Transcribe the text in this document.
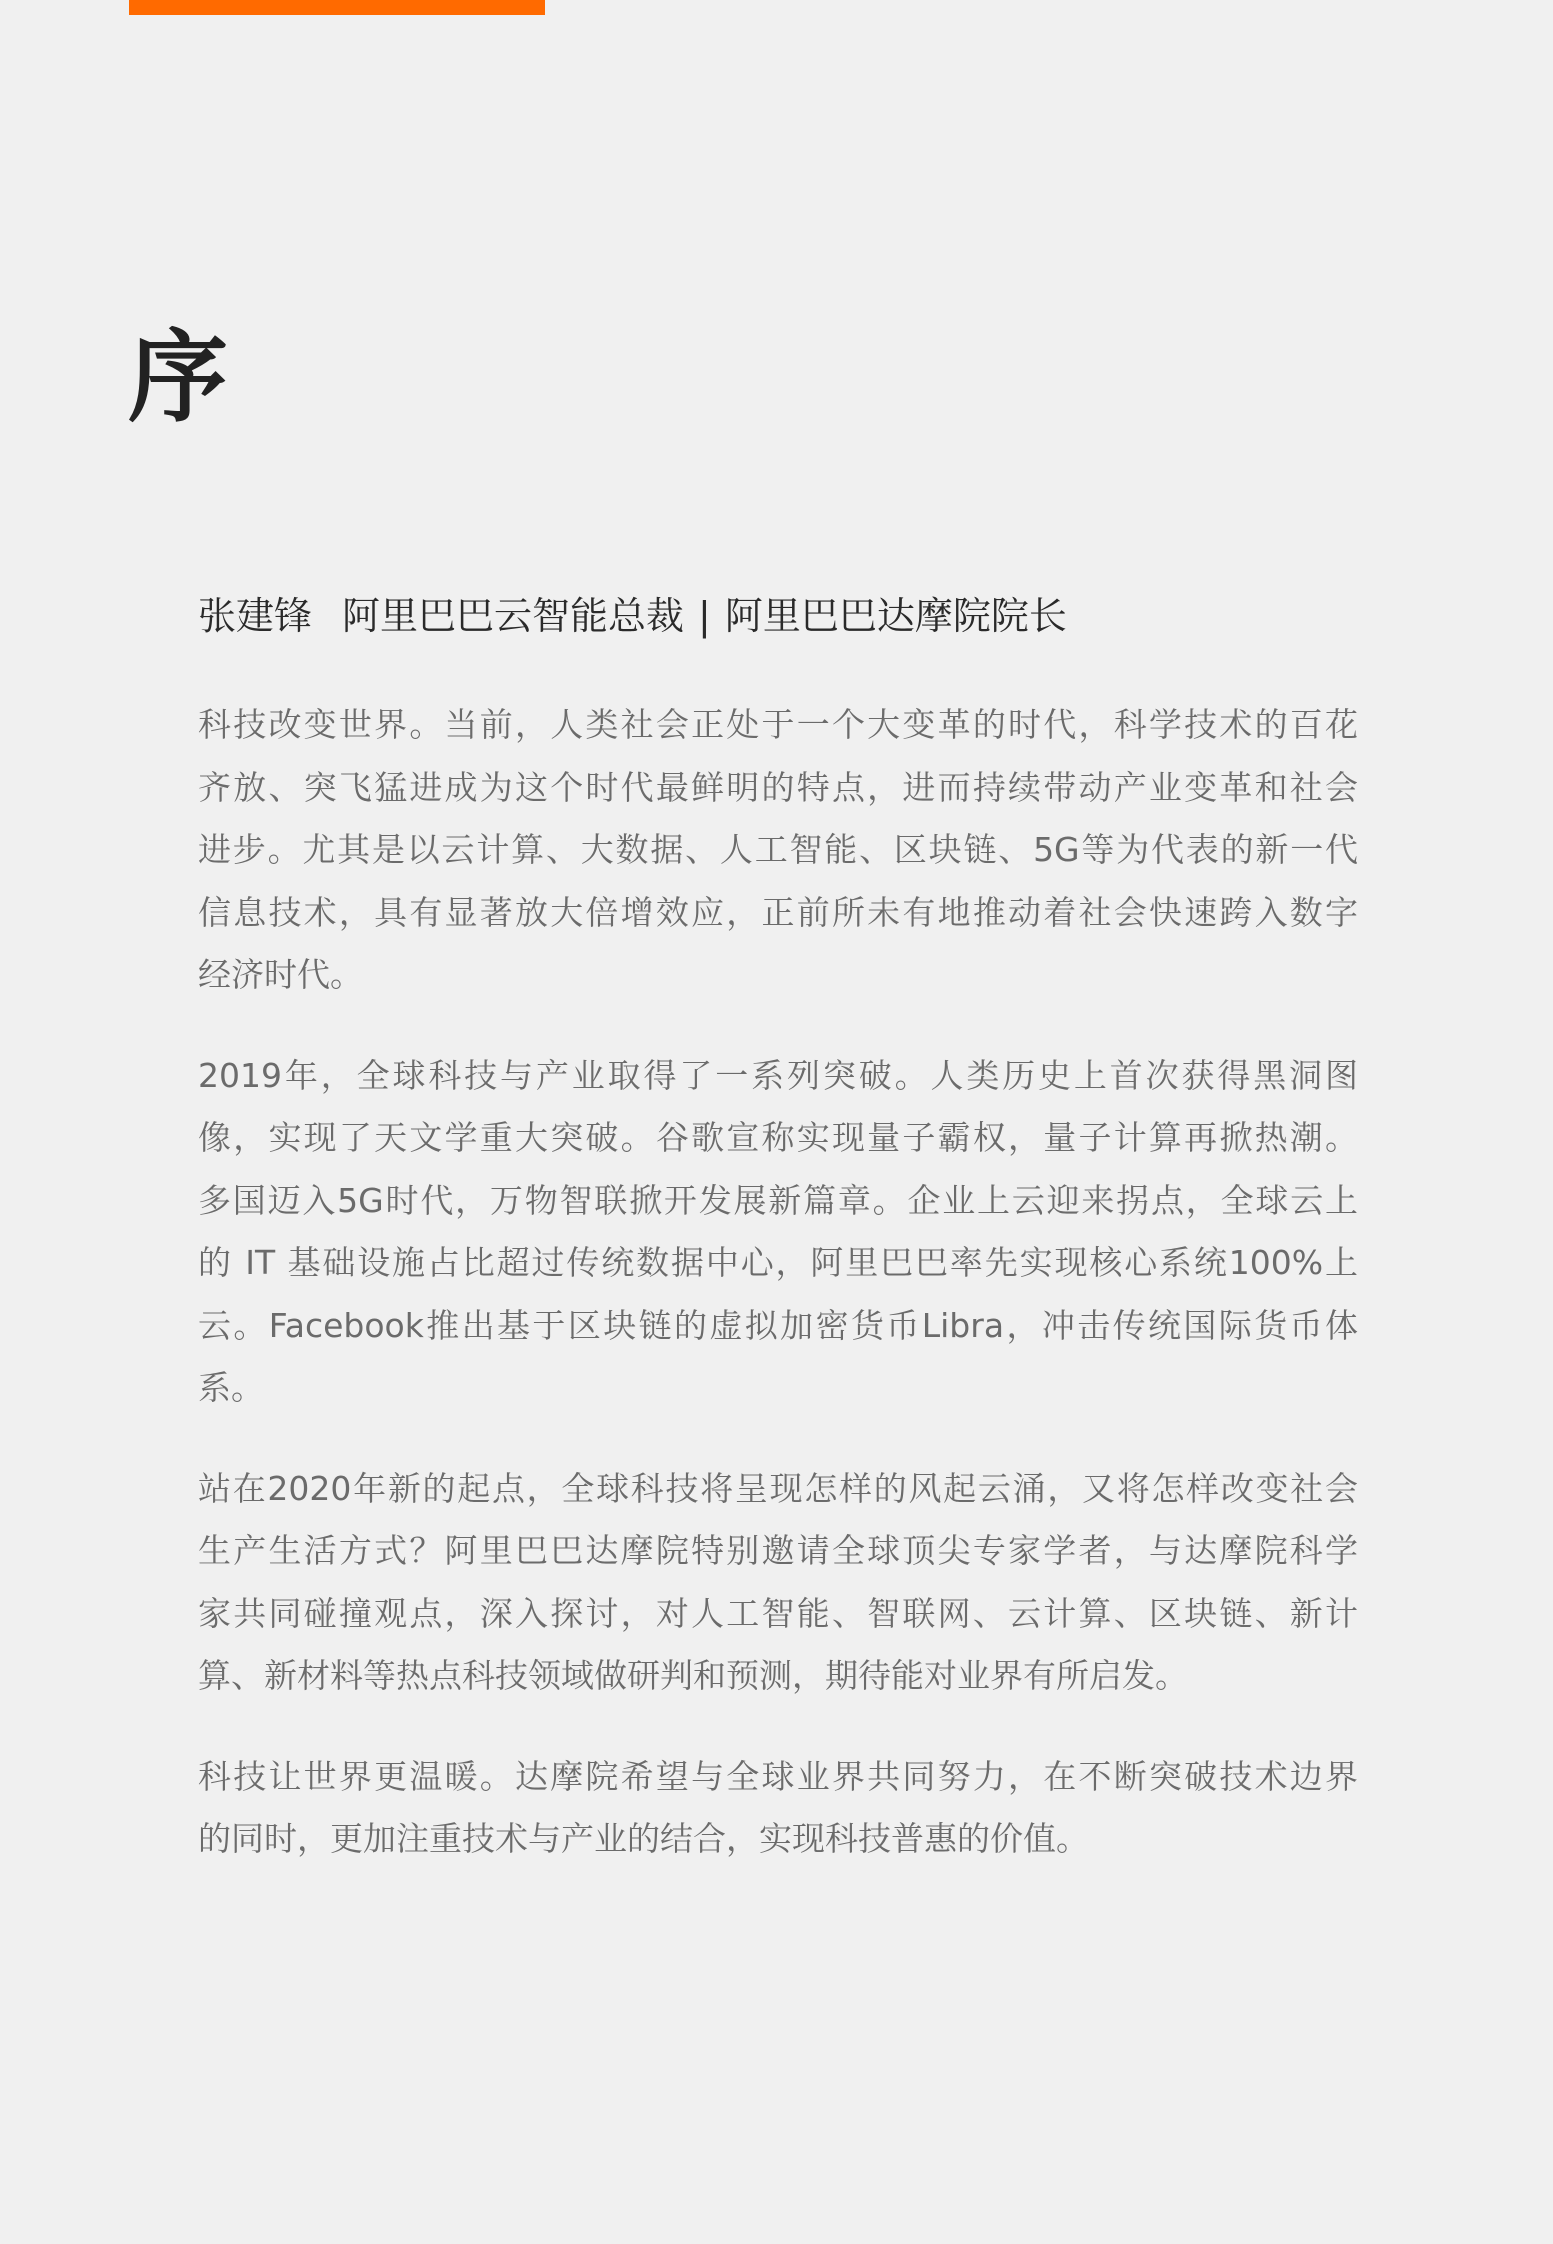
序

张建锋 阿里巴巴云智能总裁 | 阿里巴巴达摩院院长

科技改变世界。当前，人类社会正处于一个大变革的时代，科学技术的百花
齐放、突飞猛进成为这个时代最鲜明的特点，进而持续带动产业变革和社会
进步。尤其是以云计算、大数据、人工智能、区块链、5G等为代表的新一代
信息技术，具有显著放大倍增效应，正前所未有地推动着社会快速跨入数字
经济时代。
2019年，全球科技与产业取得了一系列突破。人类历史上首次获得黑洞图
像，实现了天文学重大突破。谷歌宣称实现量子霸权，量子计算再掀热潮。
多国迈入5G时代，万物智联掀开发展新篇章。企业上云迎来拐点，全球云上
的 IT 基础设施占比超过传统数据中心，阿里巴巴率先实现核心系统100%上
云。Facebook推出基于区块链的虚拟加密货币Libra，冲击传统国际货币体
系。
站在2020年新的起点，全球科技将呈现怎样的风起云涌，又将怎样改变社会
生产生活方式？阿里巴巴达摩院特别邀请全球顶尖专家学者，与达摩院科学
家共同碰撞观点，深入探讨，对人工智能、智联网、云计算、区块链、新计
算、新材料等热点科技领域做研判和预测，期待能对业界有所启发。
科技让世界更温暖。达摩院希望与全球业界共同努力，在不断突破技术边界
的同时，更加注重技术与产业的结合，实现科技普惠的价值。
